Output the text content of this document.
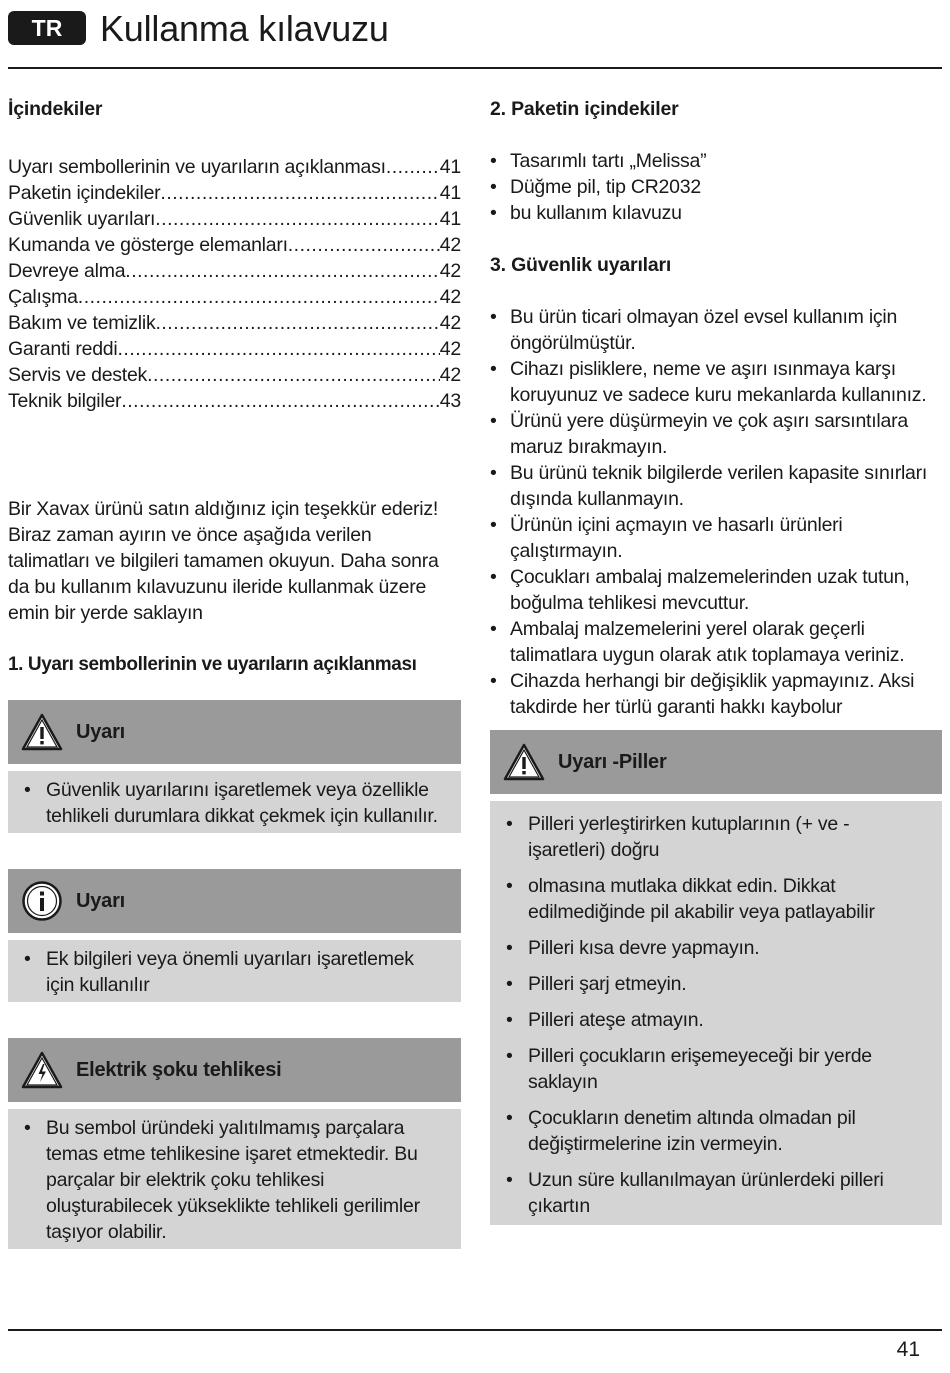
TR	Kullanma kılavuzu
İçindekiler
Uyarı sembollerinin ve uyarıların açıklanması .....	41
Paketin içindekiler .....	41
Güvenlik uyarıları .....	41
Kumanda ve gösterge elemanları .....	42
Devreye alma .....	42
Çalışma .....	42
Bakım ve temizlik .....	42
Garanti reddi .....	42
Servis ve destek .....	42
Teknik bilgiler .....	43

Bir Xavax ürünü satın aldığınız için teşekkür ederiz! Biraz zaman ayırın ve önce aşağıda verilen talimatları ve bilgileri tamamen okuyun. Daha sonra da bu kullanım kılavuzunu ileride kullanmak üzere emin bir yerde saklayın

1. Uyarı sembollerinin ve uyarıların açıklanması
Uyarı
• Güvenlik uyarılarını işaretlemek veya özellikle tehlikeli durumlara dikkat çekmek için kullanılır.
Uyarı
• Ek bilgileri veya önemli uyarıları işaretlemek için kullanılır
Elektrik şoku tehlikesi
• Bu sembol üründeki yalıtılmamış parçalara temas etme tehlikesine işaret etmektedir. Bu parçalar bir elektrik çoku tehlikesi oluşturabilecek yükseklikte tehlikeli gerilimler taşıyor olabilir.
2. Paketin içindekiler
• Tasarımlı tartı „Melissa”
• Düğme pil, tip CR2032
• bu kullanım kılavuzu
3. Güvenlik uyarıları
• Bu ürün ticari olmayan özel evsel kullanım için öngörülmüştür.
• Cihazı pisliklere, neme ve aşırı ısınmaya karşı koruyunuz ve sadece kuru mekanlarda kullanınız.
• Ürünü yere düşürmeyin ve çok aşırı sarsıntılara maruz bırakmayın.
• Bu ürünü teknik bilgilerde verilen kapasite sınırları dışında kullanmayın.
• Ürünün içini açmayın ve hasarlı ürünleri çalıştırmayın.
• Çocukları ambalaj malzemelerinden uzak tutun, boğulma tehlikesi mevcuttur.
• Ambalaj malzemelerini yerel olarak geçerli talimatlara uygun olarak atık toplamaya veriniz.
• Cihazda herhangi bir değişiklik yapmayınız. Aksi takdirde her türlü garanti hakkı kaybolur
Uyarı -Piller
• Pilleri yerleştirirken kutuplarının (+ ve - işaretleri) doğru
• olmasına mutlaka dikkat edin. Dikkat edilmediğinde pil akabilir veya patlayabilir
• Pilleri kısa devre yapmayın.
• Pilleri şarj etmeyin.
• Pilleri ateşe atmayın.
• Pilleri çocukların erişemeyeceği bir yerde saklayın
• Çocukların denetim altında olmadan pil değiştirmelerine izin vermeyin.
• Uzun süre kullanılmayan ürünlerdeki pilleri çıkartın
41
